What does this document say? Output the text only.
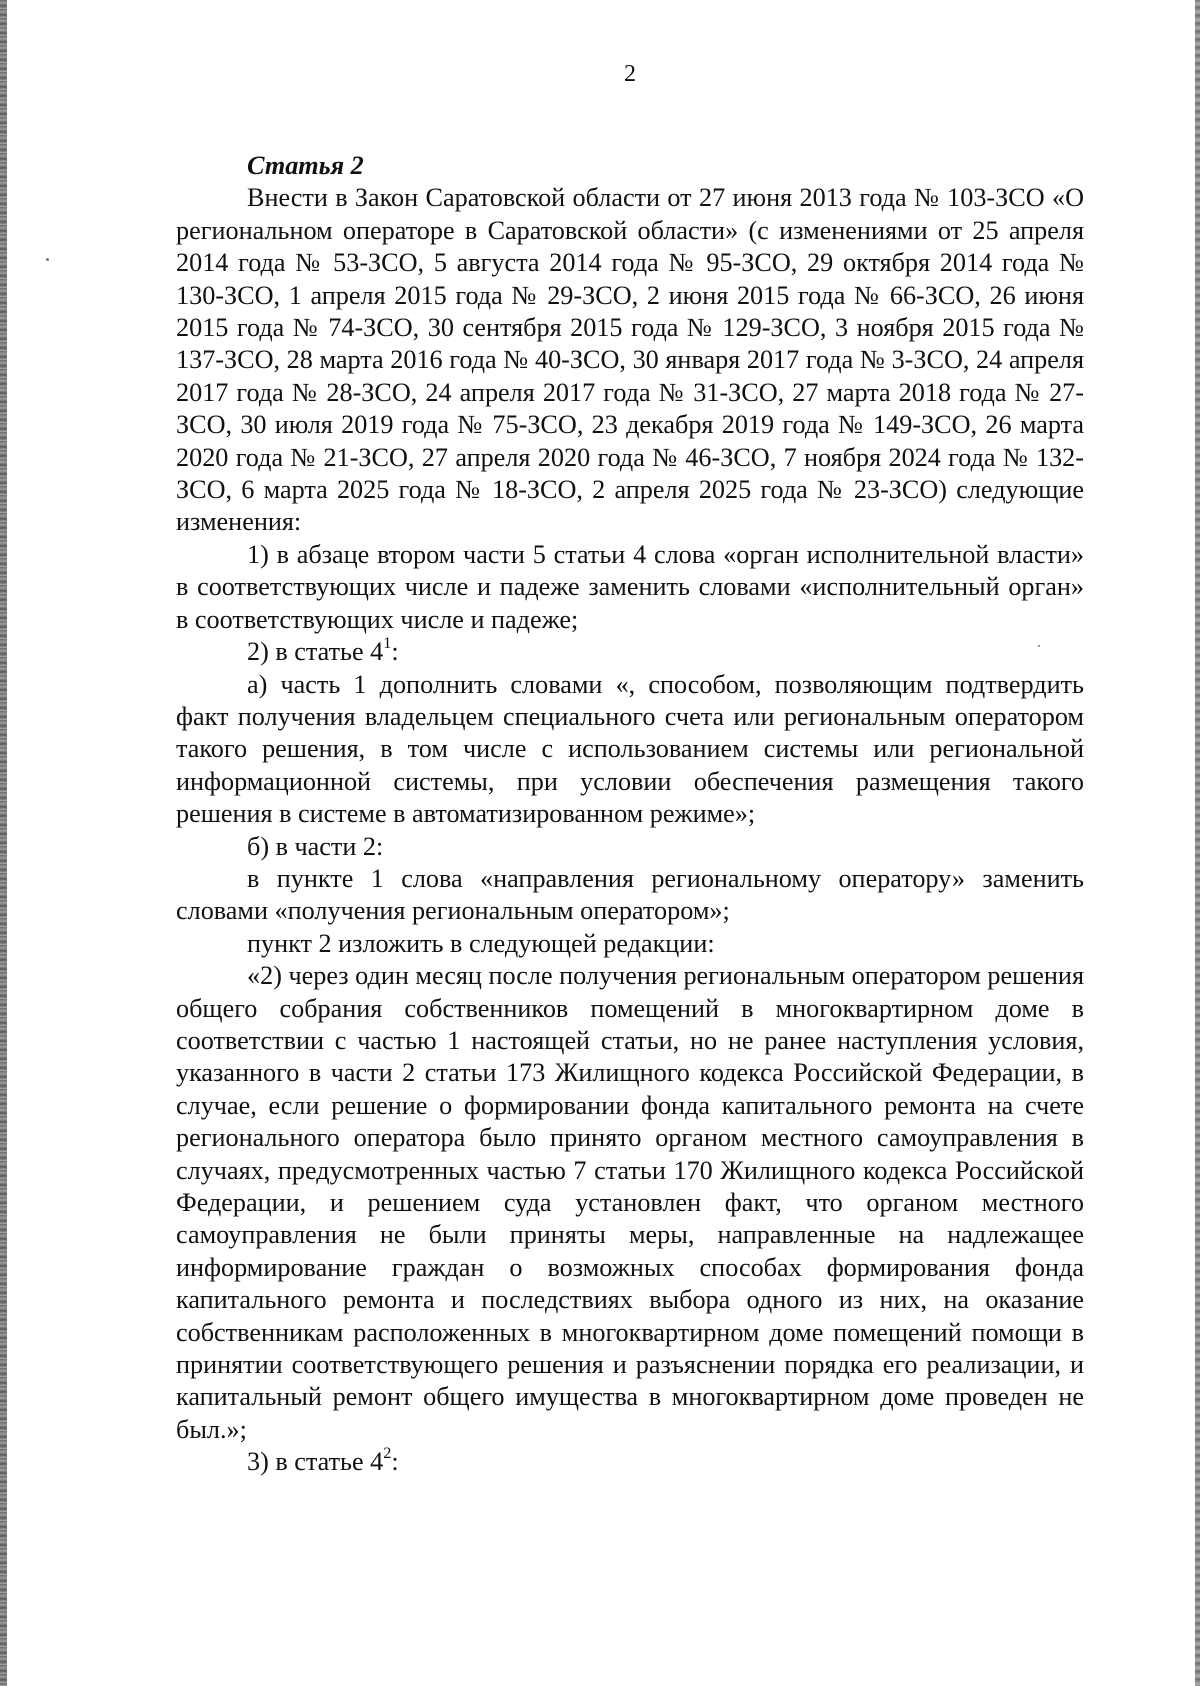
2

Статья 2

Внести в Закон Саратовской области от 27 июня 2013 года № 103-ЗСО «О региональном операторе в Саратовской области» (с изменениями от 25 апреля 2014 года № 53-ЗСО, 5 августа 2014 года № 95-ЗСО, 29 октября 2014 года № 130-ЗСО, 1 апреля 2015 года № 29-ЗСО, 2 июня 2015 года № 66-ЗСО, 26 июня 2015 года № 74-ЗСО, 30 сентября 2015 года № 129-ЗСО, 3 ноября 2015 года № 137-ЗСО, 28 марта 2016 года № 40-ЗСО, 30 января 2017 года № 3-ЗСО, 24 апреля 2017 года № 28-ЗСО, 24 апреля 2017 года № 31-ЗСО, 27 марта 2018 года № 27-ЗСО, 30 июля 2019 года № 75-ЗСО, 23 декабря 2019 года № 149-ЗСО, 26 марта 2020 года № 21-ЗСО, 27 апреля 2020 года № 46-ЗСО, 7 ноября 2024 года № 132-ЗСО, 6 марта 2025 года № 18-ЗСО, 2 апреля 2025 года № 23-ЗСО) следующие изменения:

1) в абзаце втором части 5 статьи 4 слова «орган исполнительной власти» в соответствующих числе и падеже заменить словами «исполнительный орган» в соответствующих числе и падеже;

2) в статье $4^1$:

а) часть 1 дополнить словами «, способом, позволяющим подтвердить факт получения владельцем специального счета или региональным оператором такого решения, в том числе с использованием системы или региональной информационной системы, при условии обеспечения размещения такого решения в системе в автоматизированном режиме»;

б) в части 2:

в пункте 1 слова «направления региональному оператору» заменить словами «получения региональным оператором»;

пункт 2 изложить в следующей редакции:

«2) через один месяц после получения региональным оператором решения общего собрания собственников помещений в многоквартирном доме в соответствии с частью 1 настоящей статьи, но не ранее наступления условия, указанного в части 2 статьи 173 Жилищного кодекса Российской Федерации, в случае, если решение о формировании фонда капитального ремонта на счете регионального оператора было принято органом местного самоуправления в случаях, предусмотренных частью 7 статьи 170 Жилищного кодекса Российской Федерации, и решением суда установлен факт, что органом местного самоуправления не были приняты меры, направленные на надлежащее информирование граждан о возможных способах формирования фонда капитального ремонта и последствиях выбора одного из них, на оказание собственникам расположенных в многоквартирном доме помещений помощи в принятии соответствующего решения и разъяснении порядка его реализации, и капитальный ремонт общего имущества в многоквартирном доме проведен не был.»;

3) в статье $4^2$:
